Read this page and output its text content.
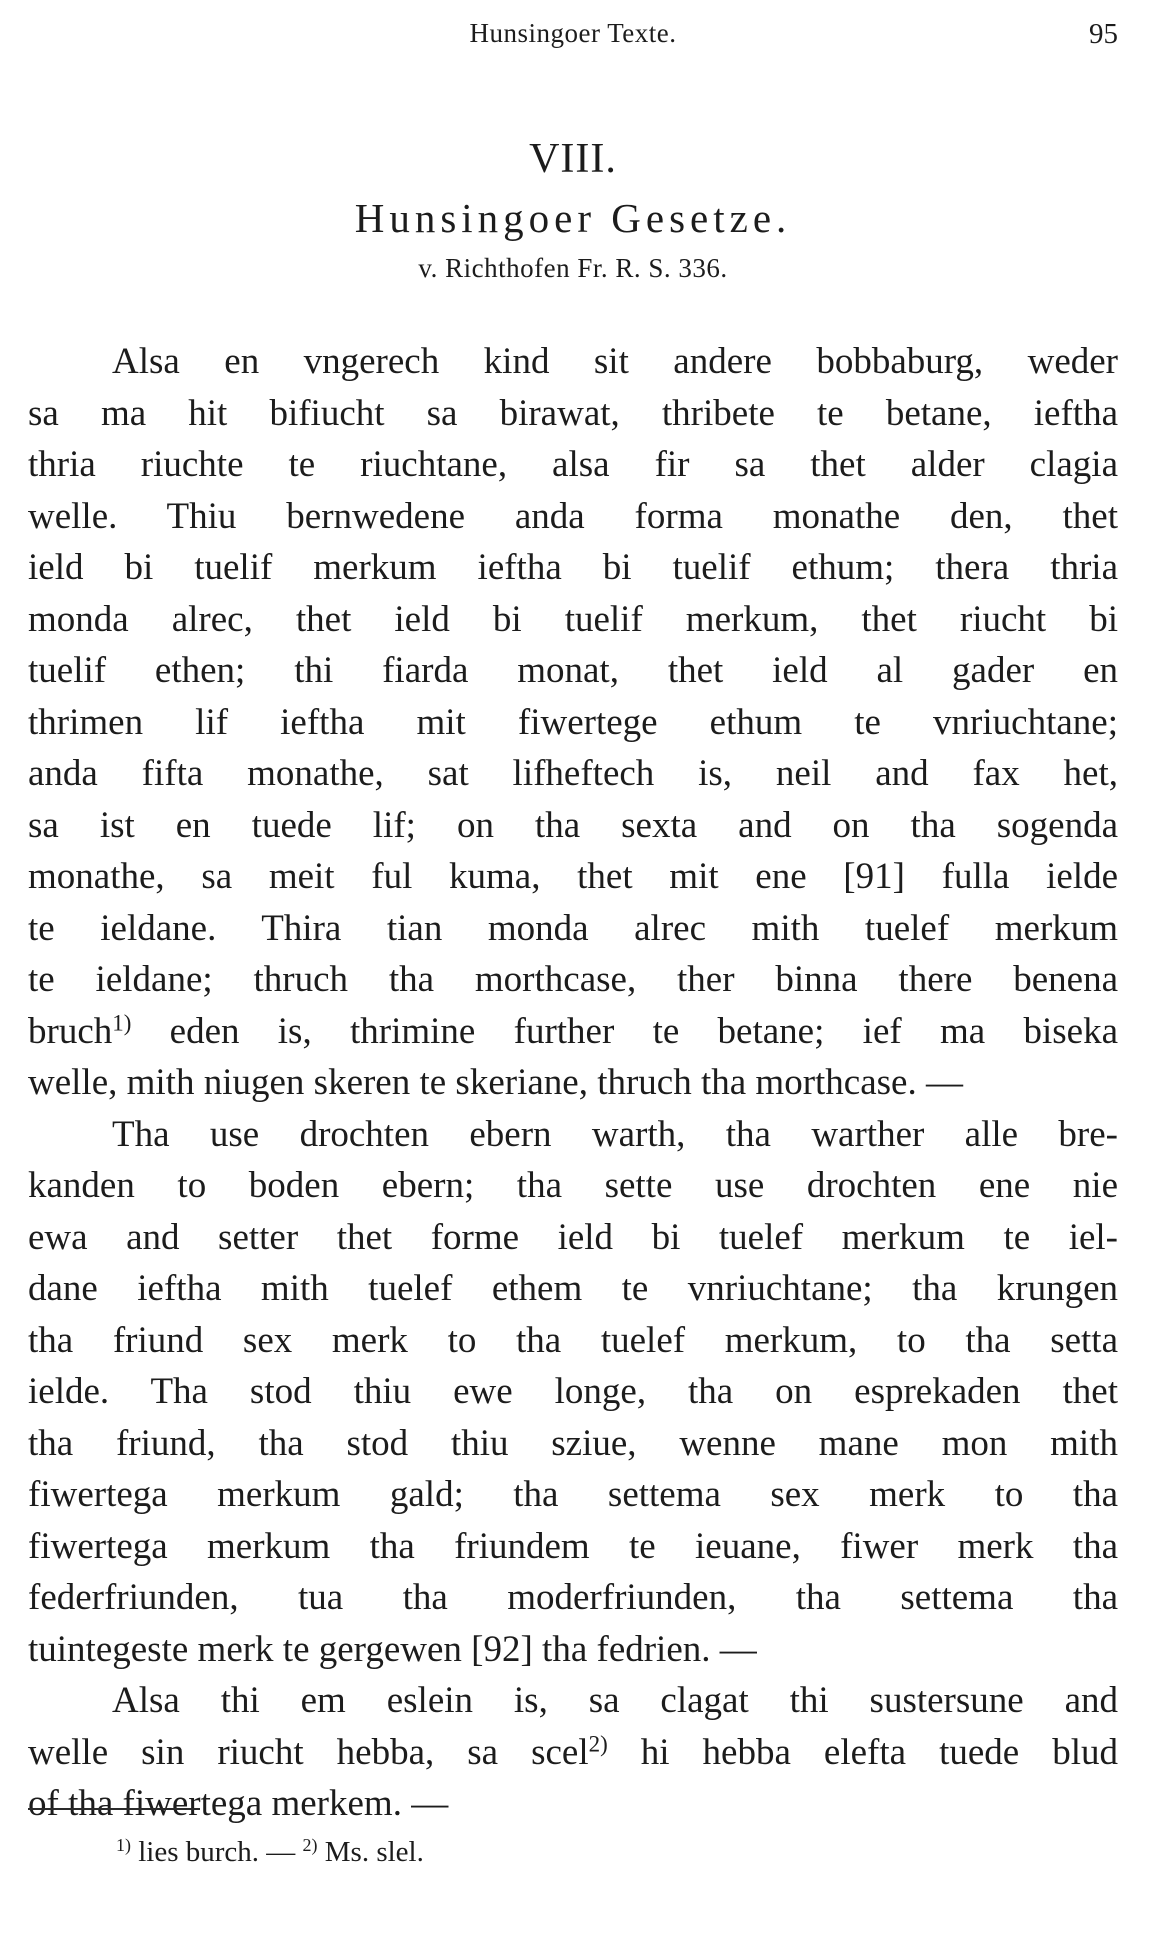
Hunsingoer Texte.	95
VIII.
Hunsingoer Gesetze.
v. Richthofen Fr. R. S. 336.

Alsa en vngerech kind sit andere bobbaburg, weder
sa ma hit bifiucht sa birawat, thribete te betane, ieftha
thria riuchte te riuchtane, alsa fir sa thet alder clagia
welle. Thiu bernwedene anda forma monathe den, thet
ield bi tuelif merkum ieftha bi tuelif ethum; thera thria
monda alrec, thet ield bi tuelif merkum, thet riucht bi
tuelif ethen; thi fiarda monat, thet ield al gader en
thrimen lif ieftha mit fiwertege ethum te vnriuchtane;
anda fifta monathe, sat lifheftech is, neil and fax het,
sa ist en tuede lif; on tha sexta and on tha sogenda
monathe, sa meit ful kuma, thet mit ene [91] fulla ielde
te ieldane. Thira tian monda alrec mith tuelef merkum
te ieldane; thruch tha morthcase, ther binna there benena
bruch$^{1)}$ eden is, thrimine further te betane; ief ma biseka
welle, mith niugen skeren te skeriane, thruch tha morthcase. —

Tha use drochten ebern warth, tha warther alle bre-
kanden to boden ebern; tha sette use drochten ene nie
ewa and setter thet forme ield bi tuelef merkum te iel-
dane ieftha mith tuelef ethem te vnriuchtane; tha krungen
tha friund sex merk to tha tuelef merkum, to tha setta
ielde. Tha stod thiu ewe longe, tha on esprekaden thet
tha friund, tha stod thiu sziue, wenne mane mon mith
fiwertega merkum gald; tha settema sex merk to tha
fiwertega merkum tha friundem te ieuane, fiwer merk tha
federfriunden, tua tha moderfriunden, tha settema tha
tuintegeste merk te gergewen [92] tha fedrien. —

Alsa thi em eslein is, sa clagat thi sustersune and
welle sin riucht hebba, sa scel$^{2)}$ hi hebba elefta tuede blud
of tha fiwertega merkem. —

$^{1)}$ lies burch. — $^{2)}$ Ms. slel.
